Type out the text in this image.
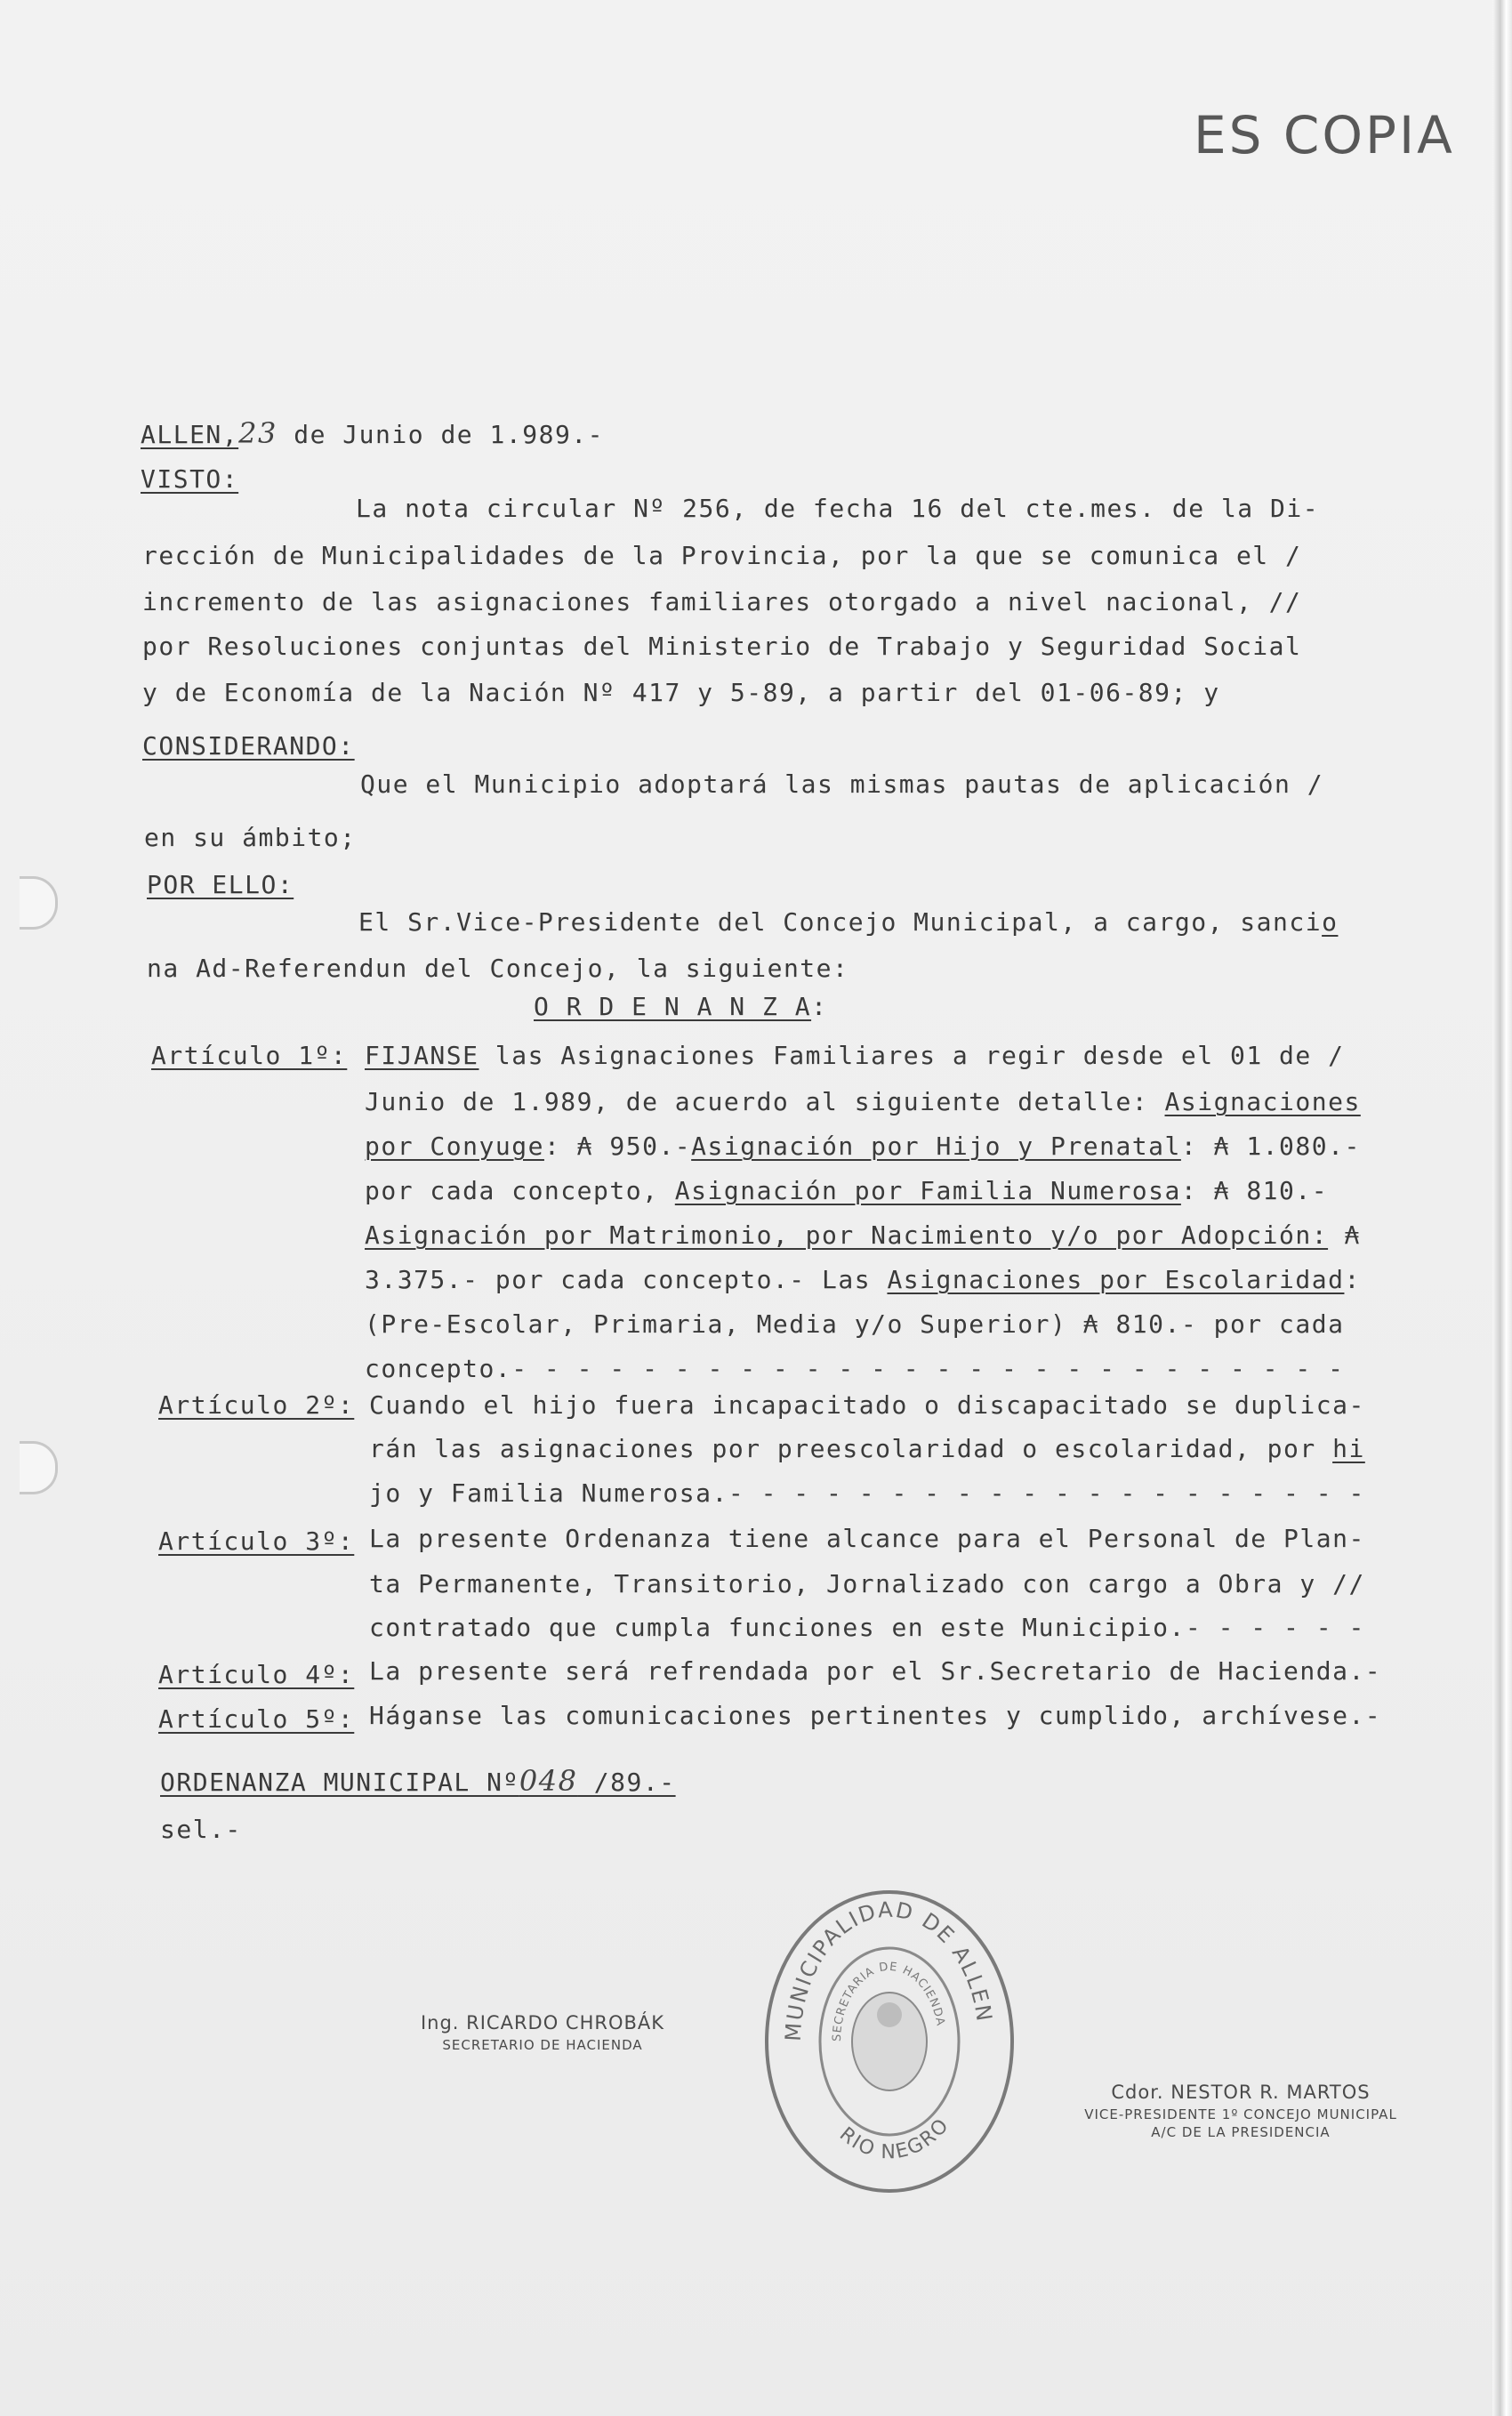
ES COPIA

ALLEN,23 de Junio de 1.989.-

VISTO:

La nota circular Nº 256, de fecha 16 del cte.mes. de la Di-

rección de Municipalidades de la Provincia, por la que se comunica el /

incremento de las asignaciones familiares otorgado a nivel nacional, //

por Resoluciones conjuntas del Ministerio de Trabajo y Seguridad Social

y de Economía de la Nación Nº 417 y 5-89, a partir del 01-06-89; y

CONSIDERANDO:

Que el Municipio adoptará las mismas pautas de aplicación /

en su ámbito;

POR ELLO:

El Sr.Vice-Presidente del Concejo Municipal, a cargo, sancio

na Ad-Referendun del Concejo, la siguiente:

O R D E N A N Z A:

Artículo 1º: FIJANSE las Asignaciones Familiares a regir desde el 01 de /

Junio de 1.989, de acuerdo al siguiente detalle: Asignaciones

por Conyuge: ₳ 950.-Asignación por Hijo y Prenatal: ₳ 1.080.-

por cada concepto, Asignación por Familia Numerosa: ₳ 810.-

Asignación por Matrimonio, por Nacimiento y/o por Adopción: ₳

3.375.- por cada concepto.- Las Asignaciones por Escolaridad:

(Pre-Escolar, Primaria, Media y/o Superior) ₳ 810.- por cada

concepto.- - - - - - - - - - - - - - - - - - - - - - - - - -

Artículo 2º: Cuando el hijo fuera incapacitado o discapacitado se duplica-

rán las asignaciones por preescolaridad o escolaridad, por hi

jo y Familia Numerosa.- - - - - - - - - - - - - - - - - - - -

Artículo 3º: La presente Ordenanza tiene alcance para el Personal de Plan-

ta Permanente, Transitorio, Jornalizado con cargo a Obra y //

contratado que cumpla funciones en este Municipio.- - - - - -

Artículo 4º: La presente será refrendada por el Sr.Secretario de Hacienda.-

Artículo 5º: Háganse las comunicaciones pertinentes y cumplido, archívese.-

ORDENANZA MUNICIPAL Nº048 /89.-

sel.-

MUNICIPALIDAD DE ALLEN
SECRETARIA DE HACIENDA
RIO NEGRO

Ing. RICARDO CHROBÁK
SECRETARIO DE HACIENDA

Cdor. NESTOR R. MARTOS
VICE-PRESIDENTE 1º CONCEJO MUNICIPAL
A/C DE LA PRESIDENCIA
